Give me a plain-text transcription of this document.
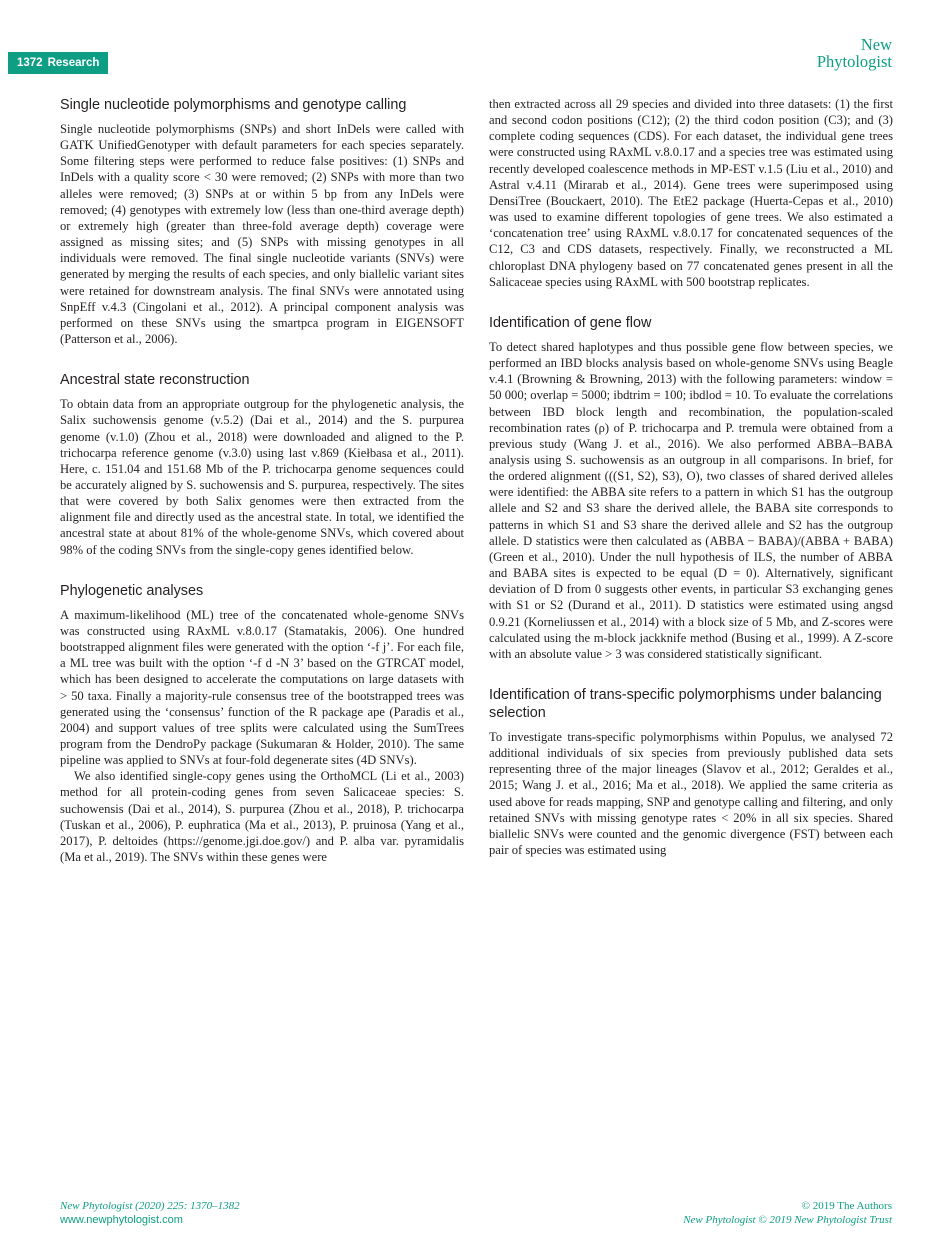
1372 Research
New
Phytologist
Single nucleotide polymorphisms and genotype calling

Single nucleotide polymorphisms (SNPs) and short InDels were called with GATK UnifiedGenotyper with default parameters for each species separately. Some filtering steps were performed to reduce false positives: (1) SNPs and InDels with a quality score < 30 were removed; (2) SNPs with more than two alleles were removed; (3) SNPs at or within 5 bp from any InDels were removed; (4) genotypes with extremely low (less than one-third average depth) or extremely high (greater than three-fold average depth) coverage were assigned as missing sites; and (5) SNPs with missing genotypes in all individuals were removed. The final single nucleotide variants (SNVs) were generated by merging the results of each species, and only biallelic variant sites were retained for downstream analysis. The final SNVs were annotated using SnpEff v.4.3 (Cingolani et al., 2012). A principal component analysis was performed on these SNVs using the smartpca program in EIGENSOFT (Patterson et al., 2006).

Ancestral state reconstruction

To obtain data from an appropriate outgroup for the phylogenetic analysis, the Salix suchowensis genome (v.5.2) (Dai et al., 2014) and the S. purpurea genome (v.1.0) (Zhou et al., 2018) were downloaded and aligned to the P. trichocarpa reference genome (v.3.0) using last v.869 (Kiełbasa et al., 2011). Here, c. 151.04 and 151.68 Mb of the P. trichocarpa genome sequences could be accurately aligned by S. suchowensis and S. purpurea, respectively. The sites that were covered by both Salix genomes were then extracted from the alignment file and directly used as the ancestral state. In total, we identified the ancestral state at about 81% of the whole-genome SNVs, which covered about 98% of the coding SNVs from the single-copy genes identified below.

Phylogenetic analyses

A maximum-likelihood (ML) tree of the concatenated whole-genome SNVs was constructed using RAxML v.8.0.17 (Stamatakis, 2006). One hundred bootstrapped alignment files were generated with the option ‘-f j’. For each file, a ML tree was built with the option ‘-f d -N 3’ based on the GTRCAT model, which has been designed to accelerate the computations on large datasets with > 50 taxa. Finally a majority-rule consensus tree of the bootstrapped trees was generated using the ‘consensus’ function of the R package ape (Paradis et al., 2004) and support values of tree splits were calculated using the SumTrees program from the DendroPy package (Sukumaran & Holder, 2010). The same pipeline was applied to SNVs at four-fold degenerate sites (4D SNVs).

We also identified single-copy genes using the OrthoMCL (Li et al., 2003) method for all protein-coding genes from seven Salicaceae species: S. suchowensis (Dai et al., 2014), S. purpurea (Zhou et al., 2018), P. trichocarpa (Tuskan et al., 2006), P. euphratica (Ma et al., 2013), P. pruinosa (Yang et al., 2017), P. deltoides (https://genome.jgi.doe.gov/) and P. alba var. pyramidalis (Ma et al., 2019). The SNVs within these genes were

then extracted across all 29 species and divided into three datasets: (1) the first and second codon positions (C12); (2) the third codon position (C3); and (3) complete coding sequences (CDS). For each dataset, the individual gene trees were constructed using RAxML v.8.0.17 and a species tree was estimated using recently developed coalescence methods in MP-EST v.1.5 (Liu et al., 2010) and Astral v.4.11 (Mirarab et al., 2014). Gene trees were superimposed using DensiTree (Bouckaert, 2010). The EtE2 package (Huerta-Cepas et al., 2010) was used to examine different topologies of gene trees. We also estimated a ‘concatenation tree’ using RAxML v.8.0.17 for concatenated sequences of the C12, C3 and CDS datasets, respectively. Finally, we reconstructed a ML chloroplast DNA phylogeny based on 77 concatenated genes present in all the Salicaceae species using RAxML with 500 bootstrap replicates.

Identification of gene flow

To detect shared haplotypes and thus possible gene flow between species, we performed an IBD blocks analysis based on whole-genome SNVs using Beagle v.4.1 (Browning & Browning, 2013) with the following parameters: window = 50 000; overlap = 5000; ibdtrim = 100; ibdlod = 10. To evaluate the correlations between IBD block length and recombination, the population-scaled recombination rates (ρ) of P. trichocarpa and P. tremula were obtained from a previous study (Wang J. et al., 2016). We also performed ABBA–BABA analysis using S. suchowensis as an outgroup in all comparisons. In brief, for the ordered alignment (((S1, S2), S3), O), two classes of shared derived alleles were identified: the ABBA site refers to a pattern in which S1 has the outgroup allele and S2 and S3 share the derived allele, the BABA site corresponds to patterns in which S1 and S3 share the derived allele and S2 has the outgroup allele. D statistics were then calculated as (ABBA − BABA)/(ABBA + BABA) (Green et al., 2010). Under the null hypothesis of ILS, the number of ABBA and BABA sites is expected to be equal (D = 0). Alternatively, significant deviation of D from 0 suggests other events, in particular S3 exchanging genes with S1 or S2 (Durand et al., 2011). D statistics were estimated using angsd 0.9.21 (Korneliussen et al., 2014) with a block size of 5 Mb, and Z-scores were calculated using the m-block jackknife method (Busing et al., 1999). A Z-score with an absolute value > 3 was considered statistically significant.

Identification of trans-specific polymorphisms under balancing selection

To investigate trans-specific polymorphisms within Populus, we analysed 72 additional individuals of six species from previously published data sets representing three of the major lineages (Slavov et al., 2012; Geraldes et al., 2015; Wang J. et al., 2016; Ma et al., 2018). We applied the same criteria as used above for reads mapping, SNP and genotype calling and filtering, and only retained SNVs with missing genotype rates < 20% in all six species. Shared biallelic SNVs were counted and the genomic divergence (FST) between each pair of species was estimated using

New Phytologist (2020) 225: 1370–1382
www.newphytologist.com
© 2019 The Authors
New Phytologist © 2019 New Phytologist Trust
